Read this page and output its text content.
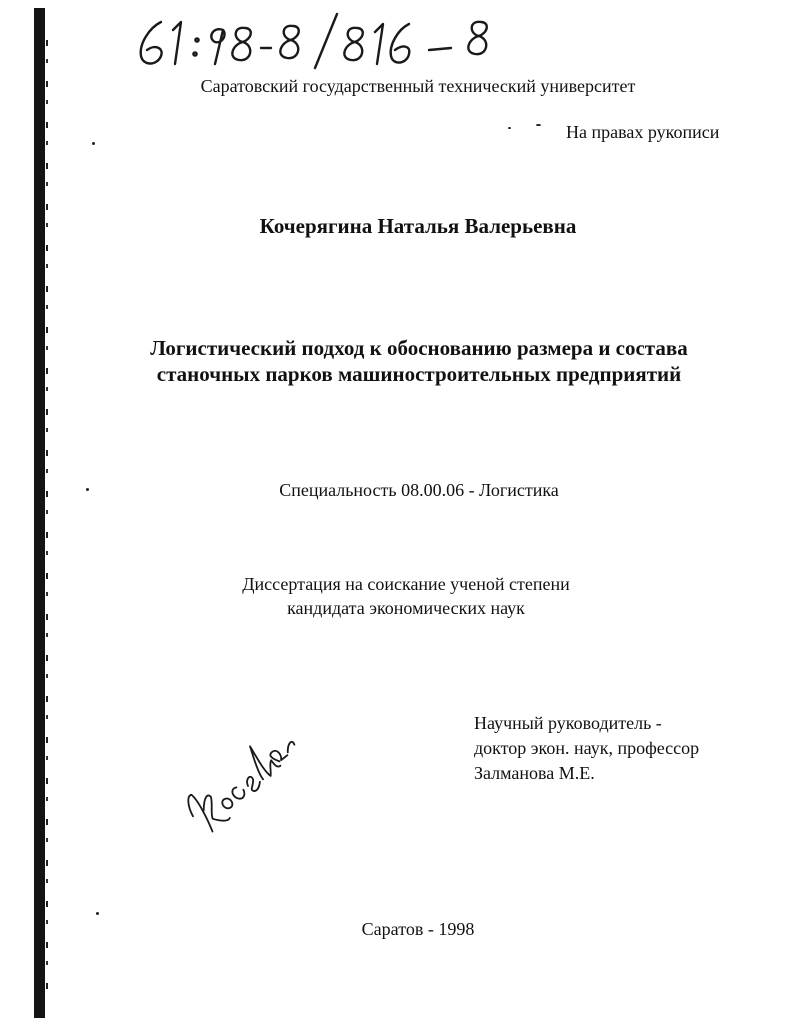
Саратовский государственный технический университет
На правах рукописи
Кочерягина Наталья Валерьевна
Логистический подход к обоснованию размера и состава
станочных парков машиностроительных предприятий
Специальность 08.00.06 - Логистика
Диссертация на соискание ученой степени
кандидата экономических наук
Научный руководитель -
доктор экон. наук, профессор
Залманова М.Е.
Саратов - 1998
